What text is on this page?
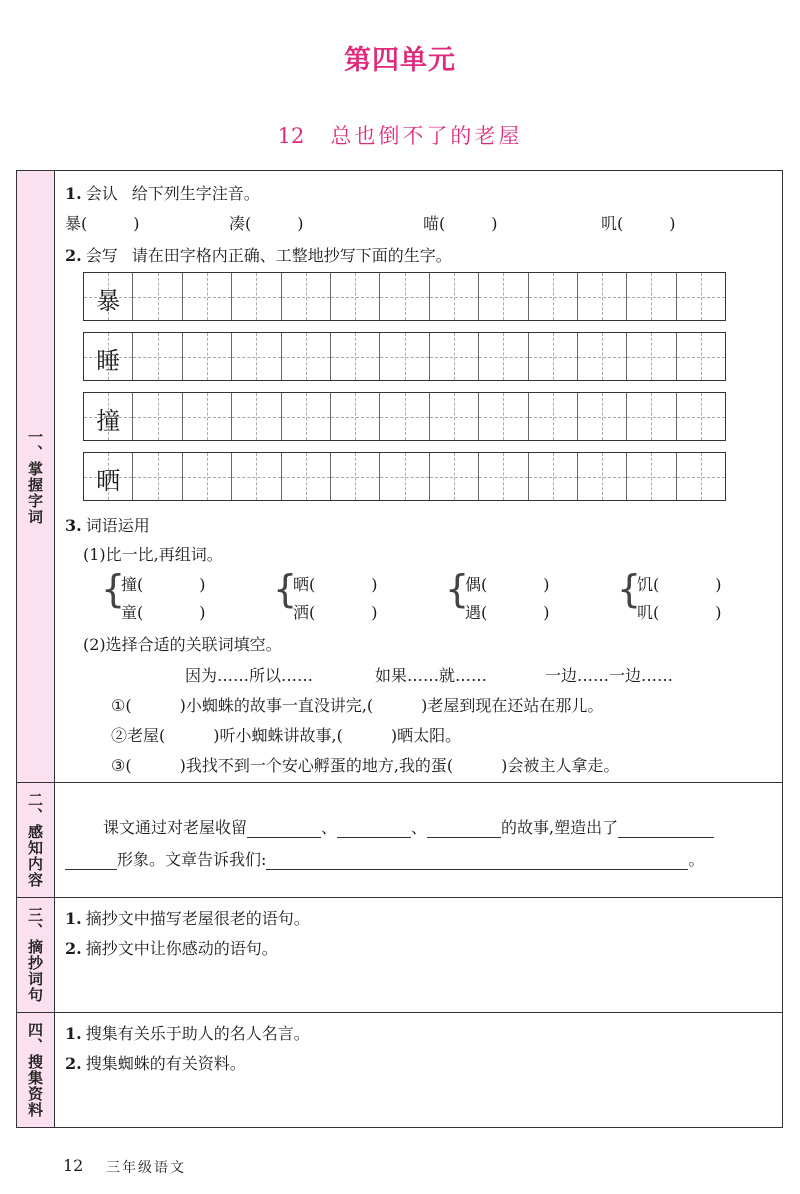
第四单元
12 总也倒不了的老屋
一、掌握字词
1. 会认 给下列生字注音。
暴(	)	凑(	)	喵(	)	叽(	)
2. 会写 请在田字格内正确、工整地抄写下面的生字。
暴
睡
撞
晒
3. 词语运用
(1)比一比,再组词。
{
撞(	)
童(	)
{
晒(	)
洒(	)
{
偶(	)
遇(	)
{
饥(	)
叽(	)
(2)选择合适的关联词填空。
因为……所以……	如果……就……	一边……一边……
①(	)小蜘蛛的故事一直没讲完,(	)老屋到现在还站在那儿。
②老屋(	)听小蜘蛛讲故事,(	)晒太阳。
③(	)我找不到一个安心孵蛋的地方,我的蛋(	)会被主人拿走。
二、感知内容	课文通过对老屋收留	、	、	的故事,塑造出了
形象。文章告诉我们:	。
三、摘抄词句 1. 摘抄文中描写老屋很老的语句。
2. 摘抄文中让你感动的语句。
四、搜集资料 1. 搜集有关乐于助人的名人名言。
2. 搜集蜘蛛的有关资料。
12 三年级语文
